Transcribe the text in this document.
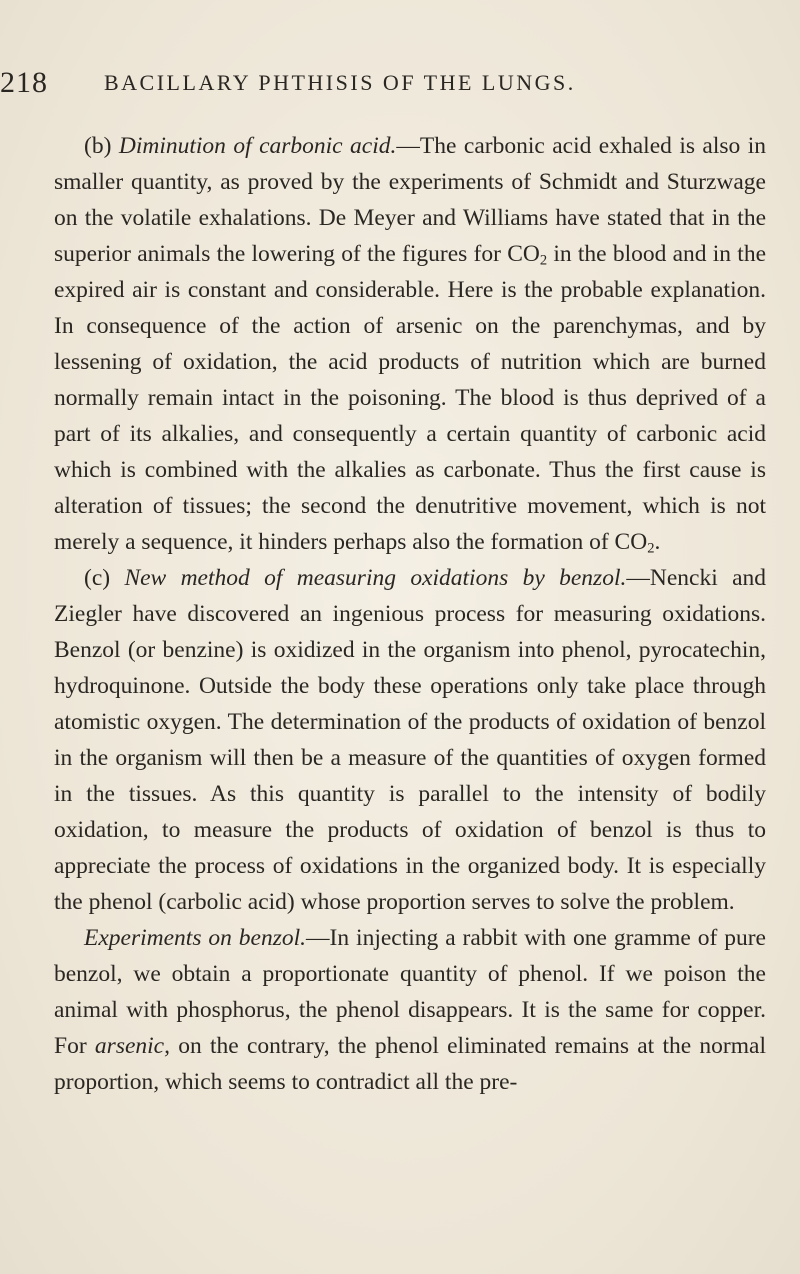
218	BACILLARY PHTHISIS OF THE LUNGS.

(b) Diminution of carbonic acid.—The carbonic acid exhaled is also in smaller quantity, as proved by the experiments of Schmidt and Sturzwage on the volatile exhalations. De Meyer and Williams have stated that in the superior animals the lowering of the figures for $CO_2$ in the blood and in the expired air is constant and considerable. Here is the probable explanation. In consequence of the action of arsenic on the parenchymas, and by lessening of oxidation, the acid products of nutrition which are burned normally remain intact in the poisoning. The blood is thus deprived of a part of its alkalies, and consequently a certain quantity of carbonic acid which is combined with the alkalies as carbonate. Thus the first cause is alteration of tissues; the second the denutritive movement, which is not merely a sequence, it hinders perhaps also the formation of $CO_2$.

(c) New method of measuring oxidations by benzol.—Nencki and Ziegler have discovered an ingenious process for measuring oxidations. Benzol (or benzine) is oxidized in the organism into phenol, pyrocatechin, hydroquinone. Outside the body these operations only take place through atomistic oxygen. The determination of the products of oxidation of benzol in the organism will then be a measure of the quantities of oxygen formed in the tissues. As this quantity is parallel to the intensity of bodily oxidation, to measure the products of oxidation of benzol is thus to appreciate the process of oxidations in the organized body. It is especially the phenol (carbolic acid) whose proportion serves to solve the problem.

Experiments on benzol.—In injecting a rabbit with one gramme of pure benzol, we obtain a proportionate quantity of phenol. If we poison the animal with phosphorus, the phenol disappears. It is the same for copper. For arsenic, on the contrary, the phenol eliminated remains at the normal proportion, which seems to contradict all the pre-
